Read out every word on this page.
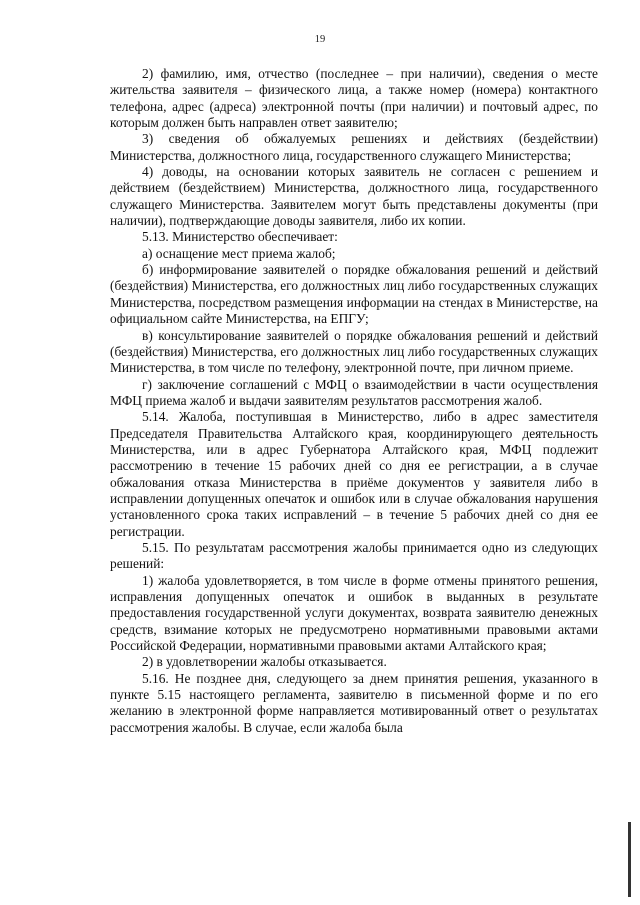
19

2) фамилию, имя, отчество (последнее – при наличии), сведения о месте жительства заявителя – физического лица, а также номер (номера) контактного телефона, адрес (адреса) электронной почты (при наличии) и почтовый адрес, по которым должен быть направлен ответ заявителю;

3) сведения об обжалуемых решениях и действиях (бездействии) Министерства, должностного лица, государственного служащего Министерства;

4) доводы, на основании которых заявитель не согласен с решением и действием (бездействием) Министерства, должностного лица, государственного служащего Министерства. Заявителем могут быть представлены документы (при наличии), подтверждающие доводы заявителя, либо их копии.

5.13. Министерство обеспечивает:

а) оснащение мест приема жалоб;

б) информирование заявителей о порядке обжалования решений и действий (бездействия) Министерства, его должностных лиц либо государственных служащих Министерства, посредством размещения информации на стендах в Министерстве, на официальном сайте Министерства, на ЕПГУ;

в) консультирование заявителей о порядке обжалования решений и действий (бездействия) Министерства, его должностных лиц либо государственных служащих Министерства, в том числе по телефону, электронной почте, при личном приеме.

г) заключение соглашений с МФЦ о взаимодействии в части осуществления МФЦ приема жалоб и выдачи заявителям результатов рассмотрения жалоб.

5.14. Жалоба, поступившая в Министерство, либо в адрес заместителя Председателя Правительства Алтайского края, координирующего деятельность Министерства, или в адрес Губернатора Алтайского края, МФЦ подлежит рассмотрению в течение 15 рабочих дней со дня ее регистрации, а в случае обжалования отказа Министерства в приёме документов у заявителя либо в исправлении допущенных опечаток и ошибок или в случае обжалования нарушения установленного срока таких исправлений – в течение 5 рабочих дней со дня ее регистрации.

5.15. По результатам рассмотрения жалобы принимается одно из следующих решений:

1) жалоба удовлетворяется, в том числе в форме отмены принятого решения, исправления допущенных опечаток и ошибок в выданных в результате предоставления государственной услуги документах, возврата заявителю денежных средств, взимание которых не предусмотрено нормативными правовыми актами Российской Федерации, нормативными правовыми актами Алтайского края;

2) в удовлетворении жалобы отказывается.

5.16. Не позднее дня, следующего за днем принятия решения, указанного в пункте 5.15 настоящего регламента, заявителю в письменной форме и по его желанию в электронной форме направляется мотивированный ответ о результатах рассмотрения жалобы. В случае, если жалоба была
